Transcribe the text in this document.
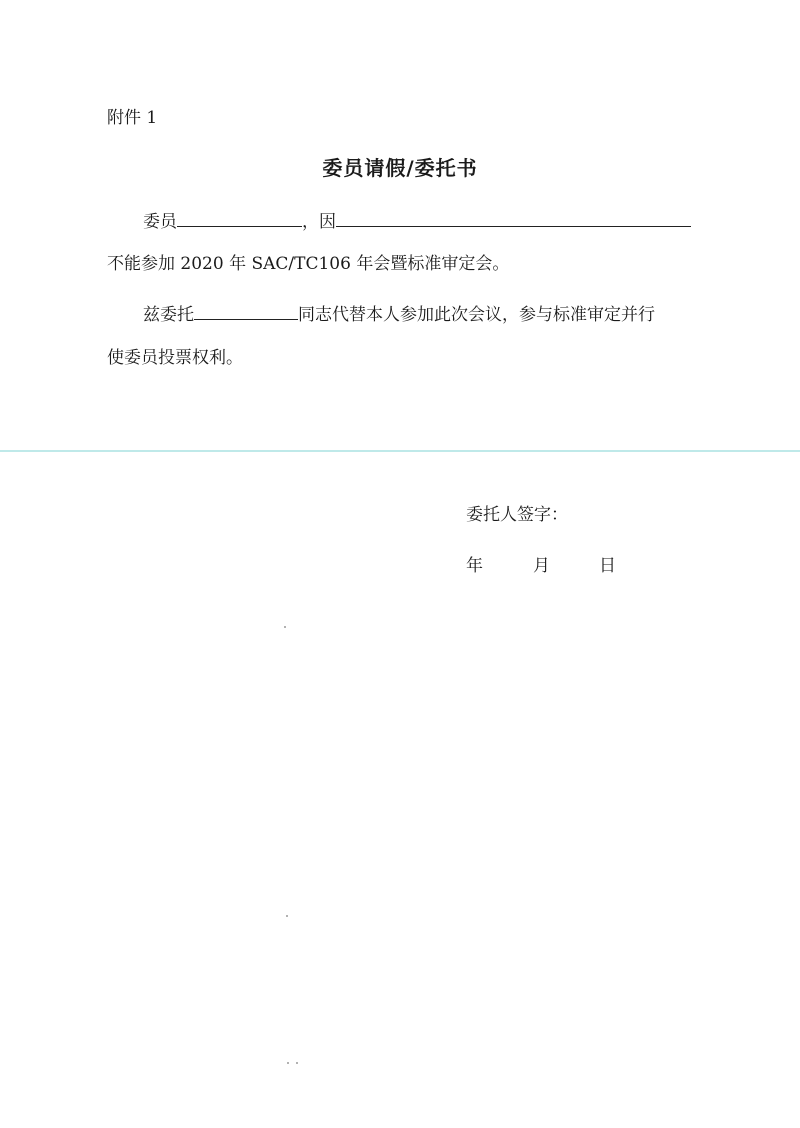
附件 1
委员请假/委托书
委员	，因
不能参加 2020 年 SAC/TC106 年会暨标准审定会。
兹委托	同志代替本人参加此次会议，参与标准审定并行
使委员投票权利。
委托人签字：
年	月	日
